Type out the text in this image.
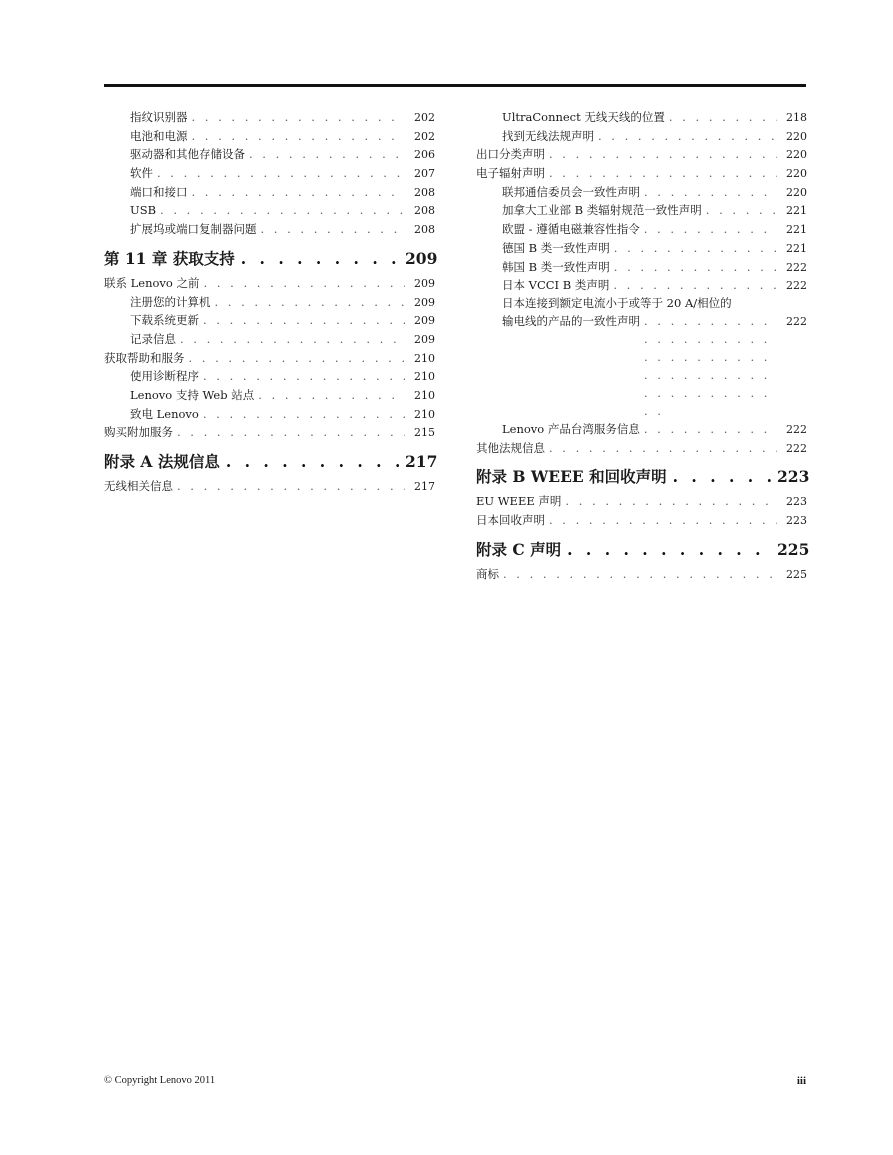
指纹识别器 . . .	202
电池和电源 . . .	202
驱动器和其他存储设备 . . .	206
软件 . . .	207
端口和接口 . . .	208
USB . . .	208
扩展坞或端口复制器问题 . . .	208
第 11 章 获取支持 . . .	209
联系 Lenovo 之前 . . .	209
注册您的计算机 . . .	209
下载系统更新 . . .	209
记录信息 . . .	209
获取帮助和服务 . . .	210
使用诊断程序 . . .	210
Lenovo 支持 Web 站点 . . .	210
致电 Lenovo . . .	210
购买附加服务 . . .	215
附录 A 法规信息 . . .	217
无线相关信息 . . .	217
UltraConnect 无线天线的位置 . . .	218
找到无线法规声明 . . .	220
出口分类声明 . . .	220
电子辐射声明 . . .	220
联邦通信委员会一致性声明 . . .	220
加拿大工业部 B 类辐射规范一致性声明 . . .	221
欧盟 - 遵循电磁兼容性指令 . . .	221
德国 B 类一致性声明 . . .	221
韩国 B 类一致性声明 . . .	222
日本 VCCI B 类声明 . . .	222
日本连接到额定电流小于或等于 20 A/相位的
输电线的产品的一致性声明 . . .	222
Lenovo 产品台湾服务信息 . . .	222
其他法规信息 . . .	222
附录 B WEEE 和回收声明 . . .	223
EU WEEE 声明 . . .	223
日本回收声明 . . .	223
附录 C 声明 . . .	225
商标 . . .	225
© Copyright Lenovo 2011	iii
